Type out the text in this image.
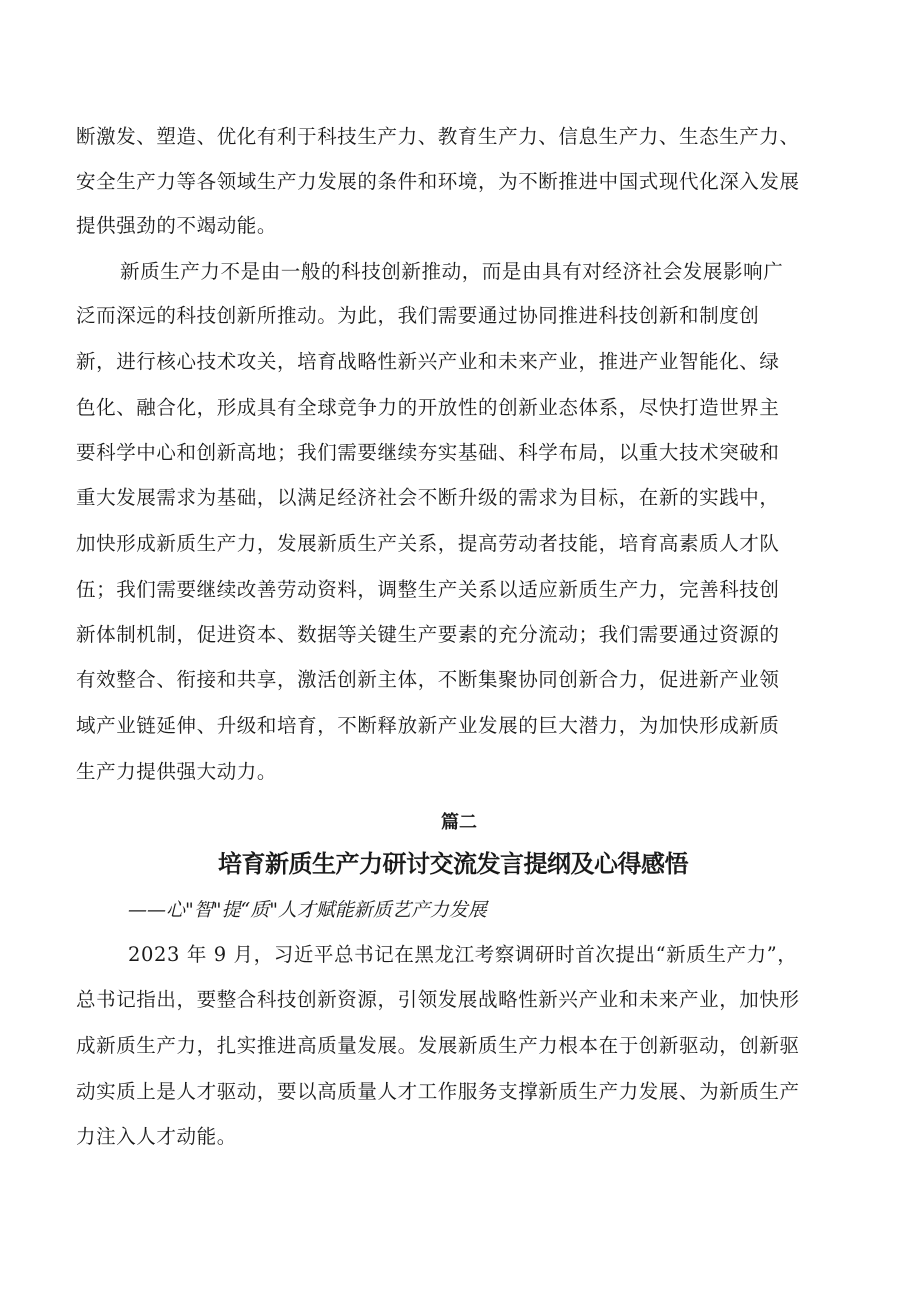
断激发、塑造、优化有利于科技生产力、教育生产力、信息生产力、生态生产力、
安全生产力等各领域生产力发展的条件和环境，为不断推进中国式现代化深入发展
提供强劲的不竭动能。
新质生产力不是由一般的科技创新推动，而是由具有对经济社会发展影响广
泛而深远的科技创新所推动。为此，我们需要通过协同推进科技创新和制度创
新，进行核心技术攻关，培育战略性新兴产业和未来产业，推进产业智能化、绿
色化、融合化，形成具有全球竞争力的开放性的创新业态体系，尽快打造世界主
要科学中心和创新高地；我们需要继续夯实基础、科学布局，以重大技术突破和
重大发展需求为基础，以满足经济社会不断升级的需求为目标，在新的实践中，
加快形成新质生产力，发展新质生产关系，提高劳动者技能，培育高素质人才队
伍；我们需要继续改善劳动资料，调整生产关系以适应新质生产力，完善科技创
新体制机制，促进资本、数据等关键生产要素的充分流动；我们需要通过资源的
有效整合、衔接和共享，激活创新主体，不断集聚协同创新合力，促进新产业领
域产业链延伸、升级和培育，不断释放新产业发展的巨大潜力，为加快形成新质
生产力提供强大动力。
篇二
培育新质生产力研讨交流发言提纲及心得感悟
——心"智"提“质"人才赋能新质艺产力发展
2023 年 9 月，习近平总书记在黑龙江考察调研时首次提出“新质生产力”，
总书记指出，要整合科技创新资源，引领发展战略性新兴产业和未来产业，加快形
成新质生产力，扎实推进高质量发展。发展新质生产力根本在于创新驱动，创新驱
动实质上是人才驱动，要以高质量人才工作服务支撑新质生产力发展、为新质生产
力注入人才动能。
